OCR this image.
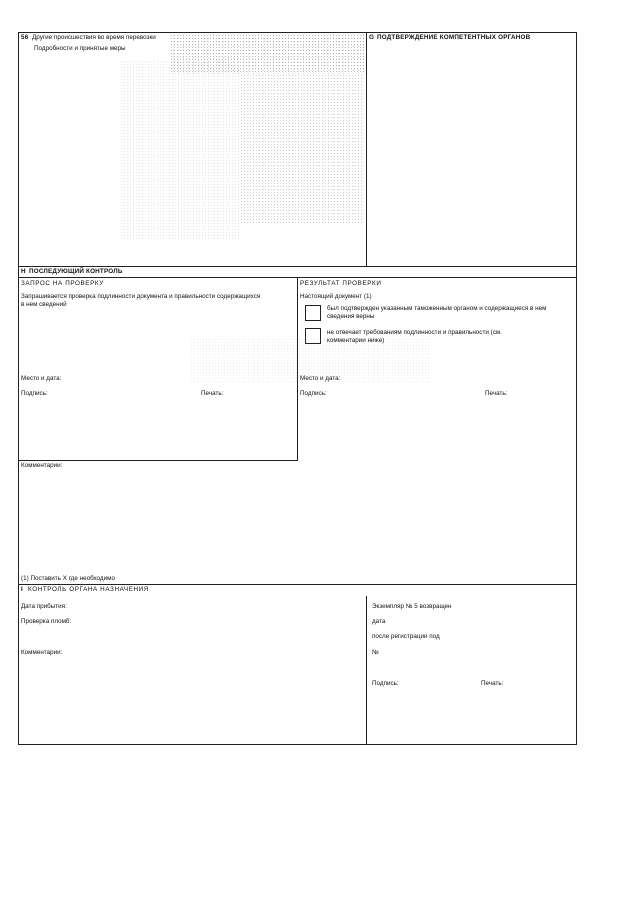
56 Другие происшествия во время перевозки
Подробности и принятые меры
G ПОДТВЕРЖДЕНИЕ КОМПЕТЕНТНЫХ ОРГАНОВ
H ПОСЛЕДУЮЩИЙ КОНТРОЛЬ
ЗАПРОС НА ПРОВЕРКУ
Запрашивается проверка подлинности документа и правильности содержащихся в нем сведений
Место и дата:
Подпись:	Печать:
РЕЗУЛЬТАТ ПРОВЕРКИ
Настоящий документ (1)
был подтвержден указанным таможенным органом и содержащиеся в нем сведения верны
не отвечает требованиям подлинности и правильности (см. комментарии ниже)
Место и дата:
Подпись:	Печать:
Комментарии:
(1) Поставить X где необходимо
I КОНТРОЛЬ ОРГАНА НАЗНАЧЕНИЯ
Дата прибытия:
Проверка пломб:
Комментарии:
Экземпляр № 5 возвращен
дата
после регистрации под
№
Подпись:	Печать:
